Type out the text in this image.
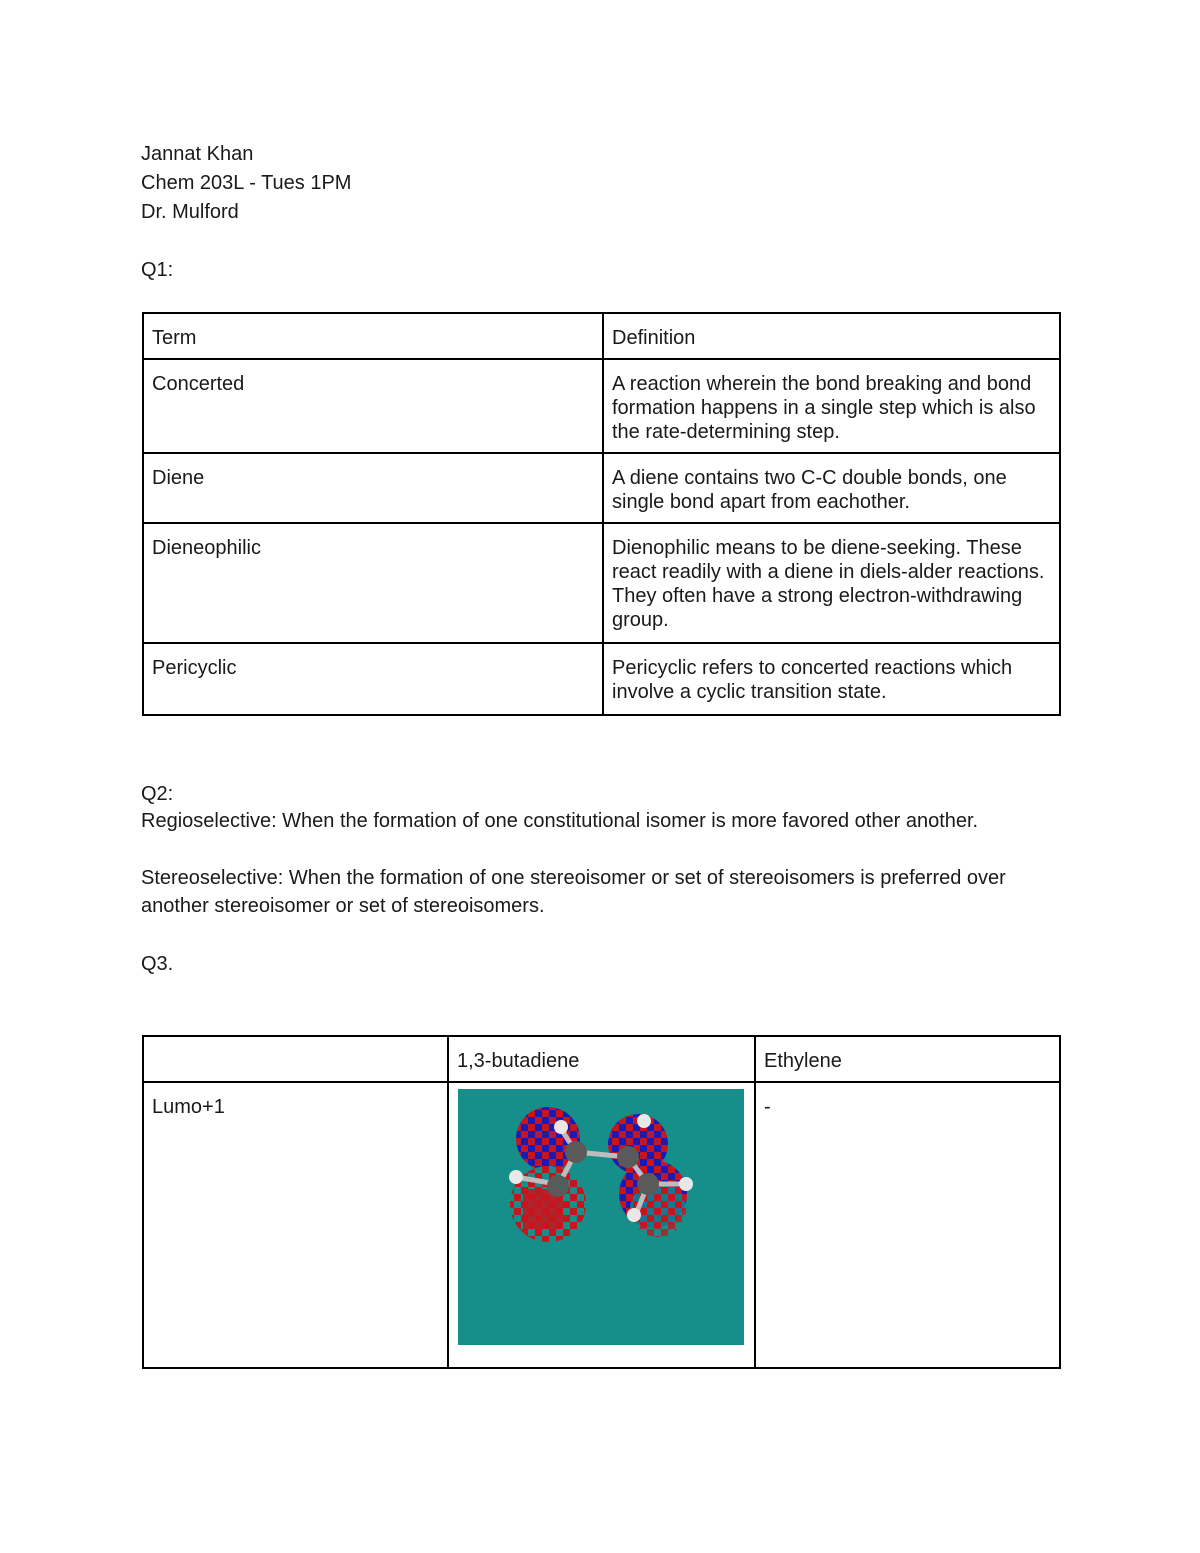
Jannat Khan
Chem 203L - Tues 1PM
Dr. Mulford
Q1:
Term	Definition
Concerted	A reaction wherein the bond breaking and bond formation happens in a single step which is also the rate-determining step.
Diene	A diene contains two C-C double bonds, one single bond apart from eachother.
Dieneophilic	Dienophilic means to be diene-seeking. These react readily with a diene in diels-alder reactions. They often have a strong electron-withdrawing group.
Pericyclic	Pericyclic refers to concerted reactions which involve a cyclic transition state.
Q2:
Regioselective: When the formation of one constitutional isomer is more favored other another.
Stereoselective: When the formation of one stereoisomer or set of stereoisomers is preferred over another stereoisomer or set of stereoisomers.
Q3.
	1,3-butadiene	Ethylene
Lumo+1		-
